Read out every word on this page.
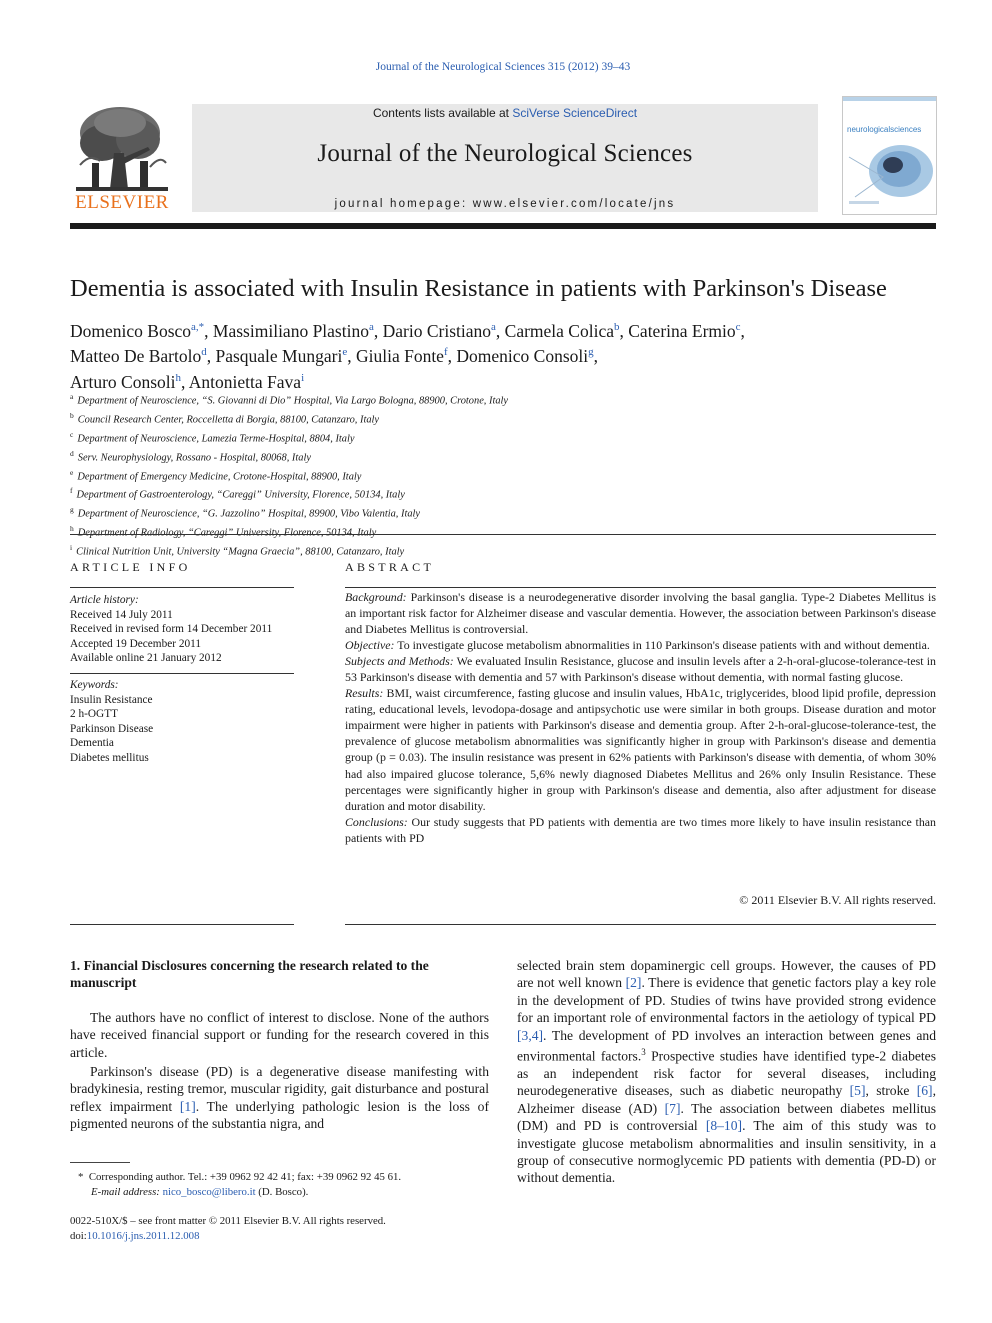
Journal of the Neurological Sciences 315 (2012) 39–43
ELSEVIER
Contents lists available at SciVerse ScienceDirect
Journal of the Neurological Sciences
journal homepage: www.elsevier.com/locate/jns
neurologicalsciences
Dementia is associated with Insulin Resistance in patients with Parkinson's Disease
Domenico Bosco$^{a,*}$, Massimiliano Plastino$^a$, Dario Cristiano$^a$, Carmela Colica$^b$, Caterina Ermio$^c$,
Matteo De Bartolo$^d$, Pasquale Mungari$^e$, Giulia Fonte$^f$, Domenico Consoli$^g$,
Arturo Consoli$^h$, Antonietta Fava$^i$
$^a$ Department of Neuroscience, “S. Giovanni di Dio” Hospital, Via Largo Bologna, 88900, Crotone, Italy
$^b$ Council Research Center, Roccelletta di Borgia, 88100, Catanzaro, Italy
$^c$ Department of Neuroscience, Lamezia Terme-Hospital, 8804, Italy
$^d$ Serv. Neurophysiology, Rossano - Hospital, 80068, Italy
$^e$ Department of Emergency Medicine, Crotone-Hospital, 88900, Italy
$^f$ Department of Gastroenterology, “Careggi” University, Florence, 50134, Italy
$^g$ Department of Neuroscience, “G. Jazzolino” Hospital, 89900, Vibo Valentia, Italy
$^h$
$^i$ Clinical Nutrition Unit, University “Magna Graecia”, 88100, Catanzaro, Italy
ARTICLE INFO
Article history:
Received 14 July 2011
Received in revised form 14 December 2011
Accepted 19 December 2011
Available online 21 January 2012
Keywords:
Insulin Resistance
2 h-OGTT
Parkinson Disease
Dementia
Diabetes mellitus
ABSTRACT

Background: Parkinson's disease is a neurodegenerative disorder involving the basal ganglia. Type-2 Diabetes Mellitus is an important risk factor for Alzheimer disease and vascular dementia. However, the association between Parkinson's disease and Diabetes Mellitus is controversial.

Objective: To investigate glucose metabolism abnormalities in 110 Parkinson's disease patients with and without dementia.

Subjects and Methods: We evaluated Insulin Resistance, glucose and insulin levels after a 2-h-oral-glucose-tolerance-test in 53 Parkinson's disease with dementia and 57 with Parkinson's disease without dementia, with normal fasting glucose.

Results: BMI, waist circumference, fasting glucose and insulin values, HbA1c, triglycerides, blood lipid profile, depression rating, educational levels, levodopa-dosage and antipsychotic use were similar in both groups. Disease duration and motor impairment were higher in patients with Parkinson's disease and dementia group. After 2-h-oral-glucose-tolerance-test, the prevalence of glucose metabolism abnormalities was significantly higher in group with Parkinson's disease and dementia group (p = 0.03). The insulin resistance was present in 62% patients with Parkinson's disease with dementia, of whom 30% had also impaired glucose tolerance, 5,6% newly diagnosed Diabetes Mellitus and 26% only Insulin Resistance. These percentages were significantly higher in group with Parkinson's disease and dementia, also after adjustment for disease duration and motor disability.

Conclusions: Our study suggests that PD patients with dementia are two times more likely to have insulin resistance than patients with PD

© 2011 Elsevier B.V. All rights reserved.

1. Financial Disclosures concerning the research related to the manuscript

The authors have no conflict of interest to disclose. None of the authors have received financial support or funding for the research covered in this article.

Parkinson's disease (PD) is a degenerative disease manifesting with bradykinesia, resting tremor, muscular rigidity, gait disturbance and postural reflex impairment [1]. The underlying pathologic lesion is the loss of pigmented neurons of the substantia nigra, and

selected brain stem dopaminergic cell groups. However, the causes of PD are not well known [2]. There is evidence that genetic factors play a key role in the development of PD. Studies of twins have provided strong evidence for an important role of environmental factors in the aetiology of typical PD [3,4]. The development of PD involves an interaction between genes and environmental factors.$^3$ Prospective studies have identified type-2 diabetes as an independent risk factor for several diseases, including neurodegenerative diseases, such as diabetic neuropathy [5], stroke [6], Alzheimer disease (AD) [7]. The association between diabetes mellitus (DM) and PD is controversial [8–10]. The aim of this study was to investigate glucose metabolism abnormalities and insulin sensitivity, in a group of consecutive normoglycemic PD patients with dementia (PD-D) or without dementia.

* Corresponding author. Tel.: +39 0962 92 42 41; fax: +39 0962 92 45 61.
E-mail address: nico_bosco@libero.it (D. Bosco).
0022-510X/$ – see front matter © 2011 Elsevier B.V. All rights reserved.
doi:10.1016/j.jns.2011.12.008
